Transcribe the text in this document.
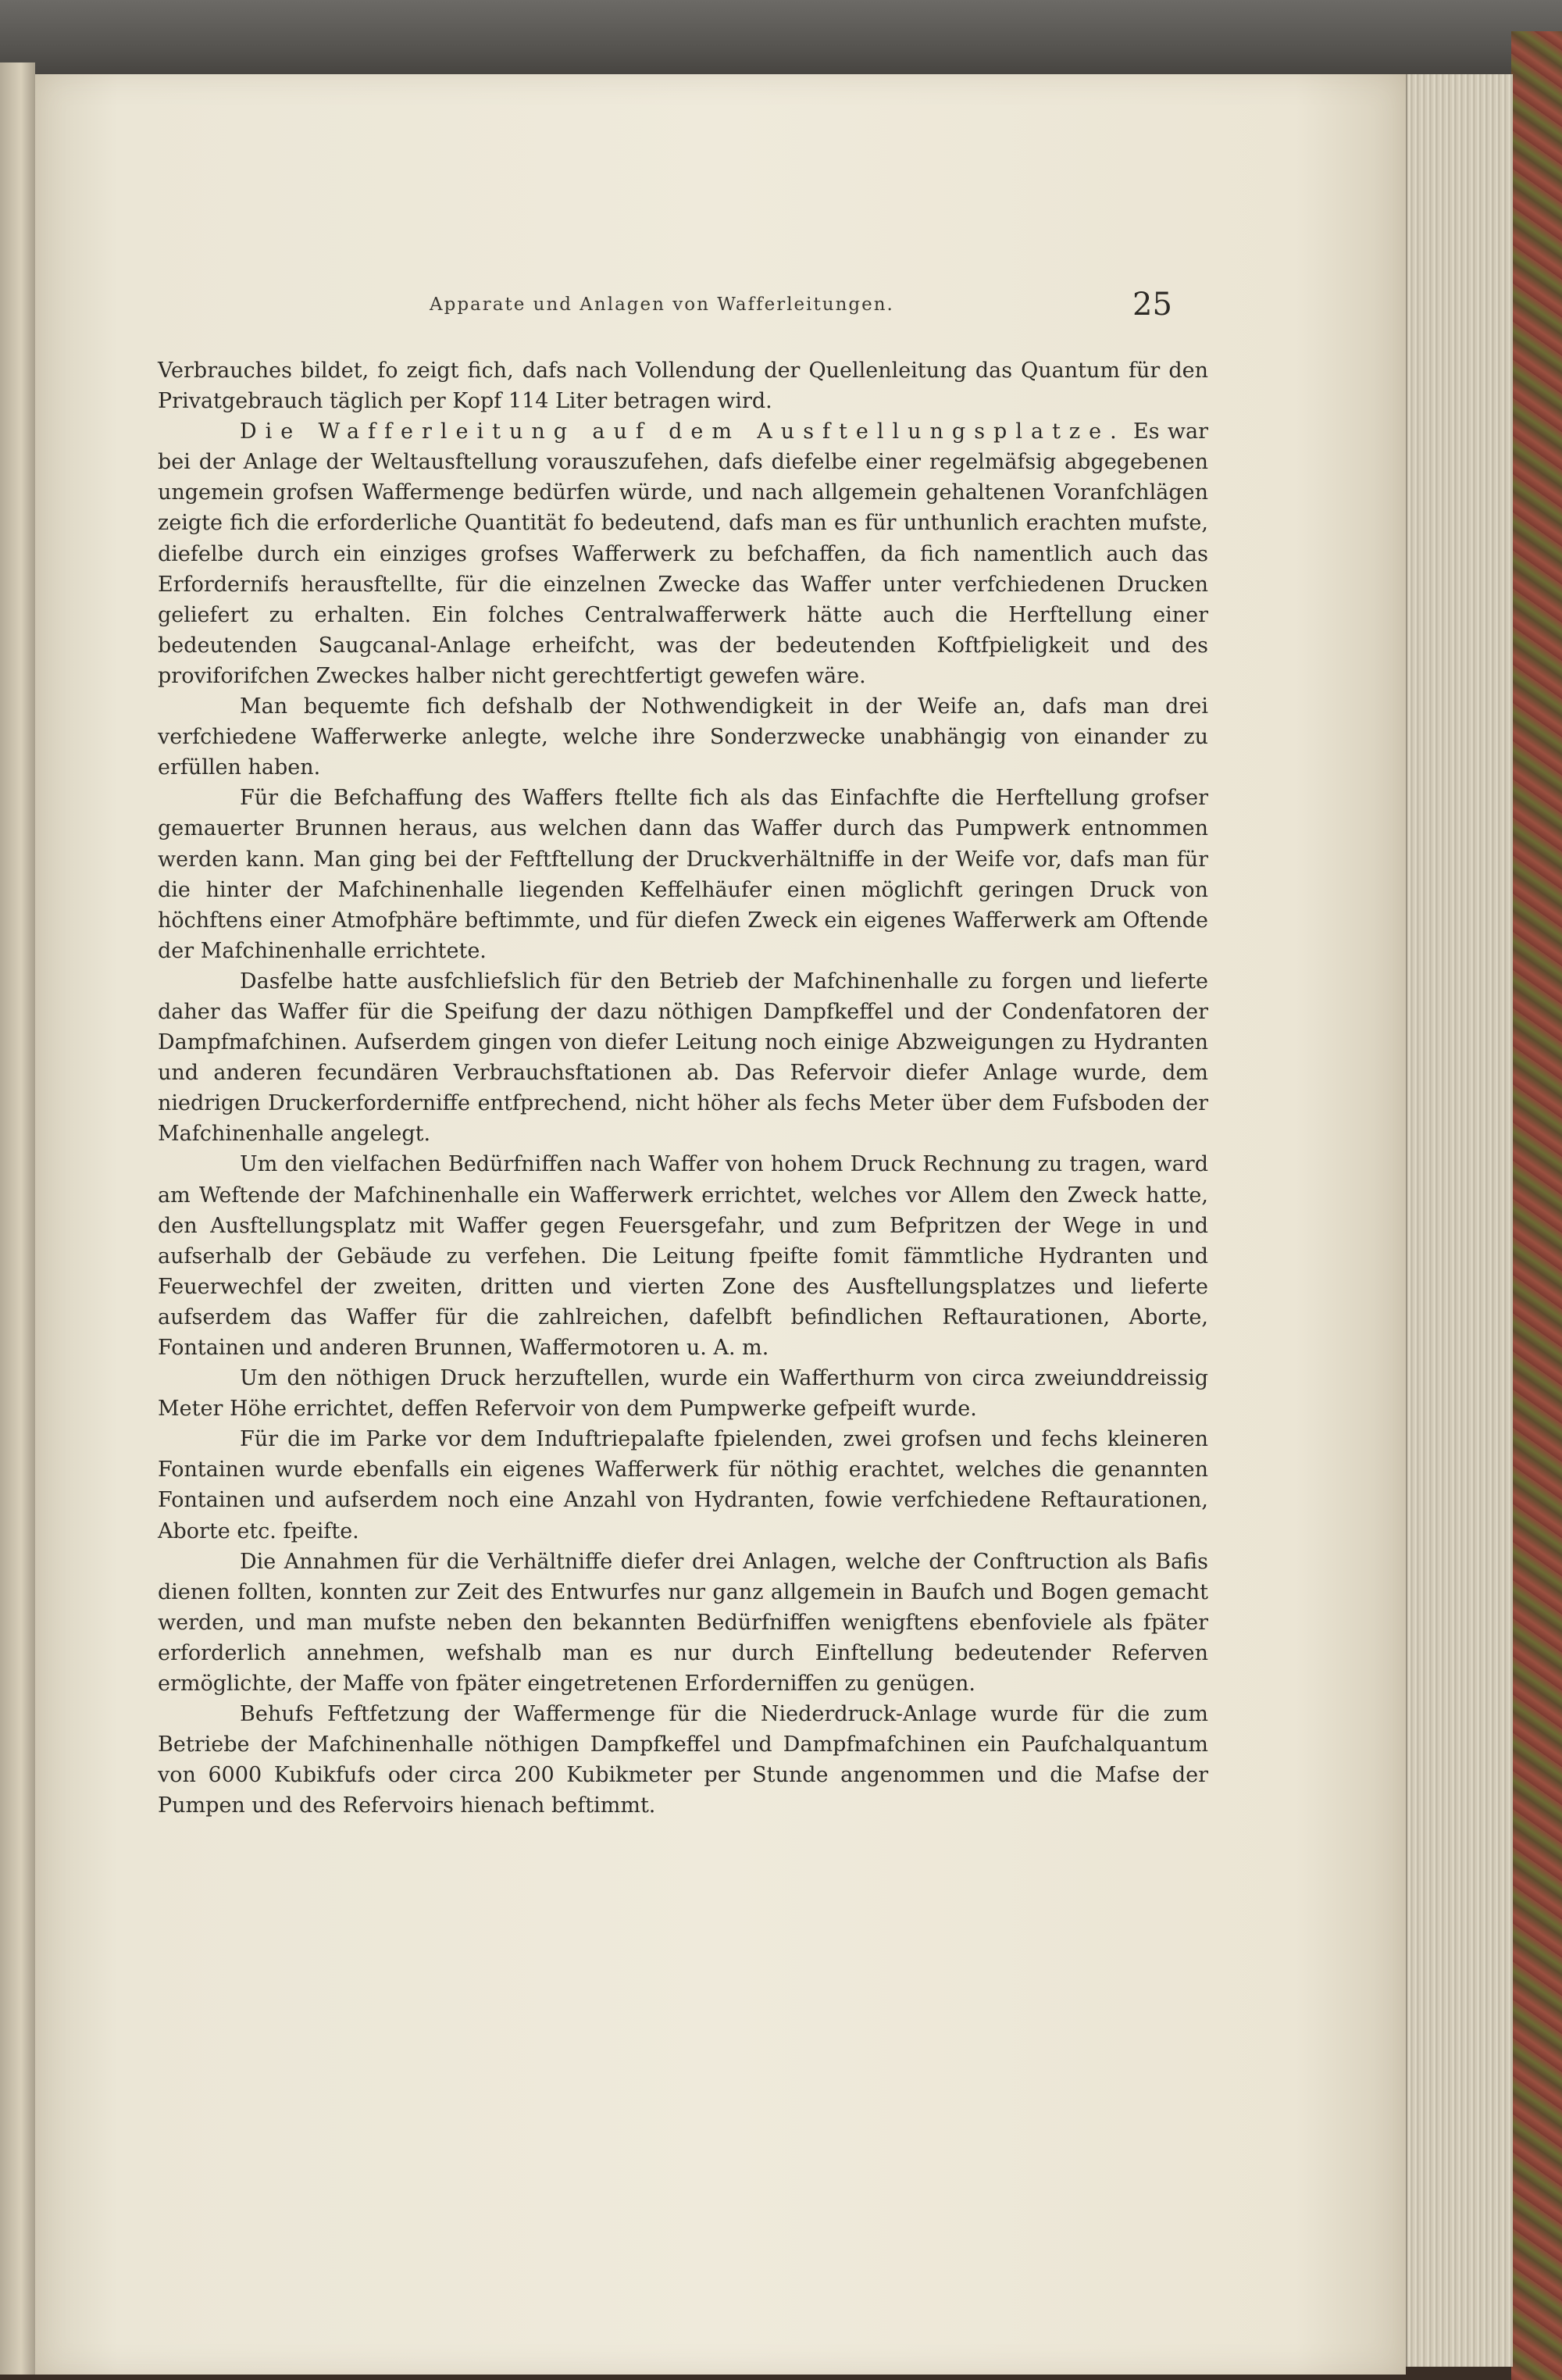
Apparate und Anlagen von Wafferleitungen.	25

Verbrauches bildet, fo zeigt fich, dafs nach Vollendung der Quellenleitung das Quantum für den Privatgebrauch täglich per Kopf 114 Liter betragen wird.

Die Wafferleitung auf dem Ausftellungsplatze. Es war bei der Anlage der Weltausftellung vorauszufehen, dafs diefelbe einer regelmäfsig abgegebenen ungemein grofsen Waffermenge bedürfen würde, und nach allgemein gehaltenen Voranfchlägen zeigte fich die erforderliche Quantität fo bedeutend, dafs man es für unthunlich erachten mufste, diefelbe durch ein einziges grofses Wafferwerk zu befchaffen, da fich namentlich auch das Erfordernifs herausftellte, für die einzelnen Zwecke das Waffer unter verfchiedenen Drucken geliefert zu erhalten. Ein folches Centralwafferwerk hätte auch die Herftellung einer bedeutenden Saugcanal-Anlage erheifcht, was der bedeutenden Koftfpieligkeit und des proviforifchen Zweckes halber nicht gerechtfertigt gewefen wäre.

Man bequemte fich defshalb der Nothwendigkeit in der Weife an, dafs man drei verfchiedene Wafferwerke anlegte, welche ihre Sonderzwecke unabhängig von einander zu erfüllen haben.

Für die Befchaffung des Waffers ftellte fich als das Einfachfte die Herftellung grofser gemauerter Brunnen heraus, aus welchen dann das Waffer durch das Pumpwerk entnommen werden kann. Man ging bei der Feftftellung der Druckverhältniffe in der Weife vor, dafs man für die hinter der Mafchinenhalle liegenden Keffelhäufer einen möglichft geringen Druck von höchftens einer Atmofphäre beftimmte, und für diefen Zweck ein eigenes Wafferwerk am Oftende der Mafchinenhalle errichtete.

Dasfelbe hatte ausfchliefslich für den Betrieb der Mafchinenhalle zu forgen und lieferte daher das Waffer für die Speifung der dazu nöthigen Dampfkeffel und der Condenfatoren der Dampfmafchinen. Aufserdem gingen von diefer Leitung noch einige Abzweigungen zu Hydranten und anderen fecundären Verbrauchsftationen ab. Das Refervoir diefer Anlage wurde, dem niedrigen Druckerforderniffe entfprechend, nicht höher als fechs Meter über dem Fufsboden der Mafchinenhalle angelegt.

Um den vielfachen Bedürfniffen nach Waffer von hohem Druck Rechnung zu tragen, ward am Weftende der Mafchinenhalle ein Wafferwerk errichtet, welches vor Allem den Zweck hatte, den Ausftellungsplatz mit Waffer gegen Feuersgefahr, und zum Befpritzen der Wege in und aufserhalb der Gebäude zu verfehen. Die Leitung fpeifte fomit fämmtliche Hydranten und Feuerwechfel der zweiten, dritten und vierten Zone des Ausftellungsplatzes und lieferte aufserdem das Waffer für die zahlreichen, dafelbft befindlichen Reftaurationen, Aborte, Fontainen und anderen Brunnen, Waffermotoren u. A. m.

Um den nöthigen Druck herzuftellen, wurde ein Wafferthurm von circa zweiunddreissig Meter Höhe errichtet, deffen Refervoir von dem Pumpwerke gefpeift wurde.

Für die im Parke vor dem Induftriepalafte fpielenden, zwei grofsen und fechs kleineren Fontainen wurde ebenfalls ein eigenes Wafferwerk für nöthig erachtet, welches die genannten Fontainen und aufserdem noch eine Anzahl von Hydranten, fowie verfchiedene Reftaurationen, Aborte etc. fpeifte.

Die Annahmen für die Verhältniffe diefer drei Anlagen, welche der Conftruction als Bafis dienen follten, konnten zur Zeit des Entwurfes nur ganz allgemein in Baufch und Bogen gemacht werden, und man mufste neben den bekannten Bedürfniffen wenigftens ebenfoviele als fpäter erforderlich annehmen, wefshalb man es nur durch Einftellung bedeutender Referven ermöglichte, der Maffe von fpäter eingetretenen Erforderniffen zu genügen.

Behufs Feftfetzung der Waffermenge für die Niederdruck-Anlage wurde für die zum Betriebe der Mafchinenhalle nöthigen Dampfkeffel und Dampfmafchinen ein Paufchalquantum von 6000 Kubikfufs oder circa 200 Kubikmeter per Stunde angenommen und die Mafse der Pumpen und des Refervoirs hienach beftimmt.
